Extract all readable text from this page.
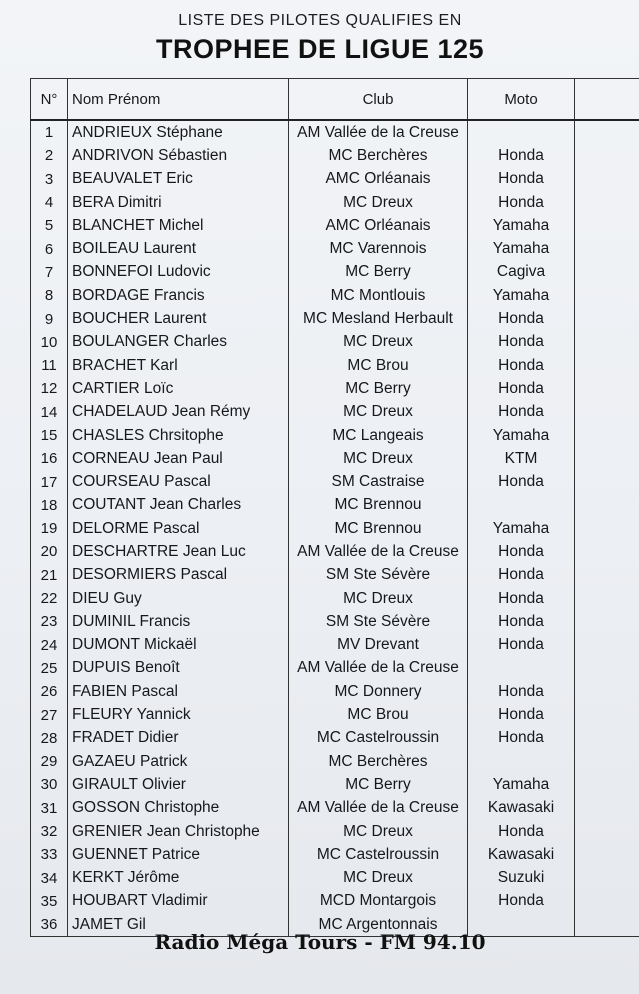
LISTE DES PILOTES QUALIFIES EN
TROPHEE DE LIGUE 125
N°	Nom Prénom	Club	Moto	
1	ANDRIEUX Stéphane	AM Vallée de la Creuse		
2	ANDRIVON Sébastien	MC Berchères	Honda	
3	BEAUVALET Eric	AMC Orléanais	Honda	
4	BERA Dimitri	MC Dreux	Honda	
5	BLANCHET Michel	AMC Orléanais	Yamaha	
6	BOILEAU Laurent	MC Varennois	Yamaha	
7	BONNEFOI Ludovic	MC Berry	Cagiva	
8	BORDAGE Francis	MC Montlouis	Yamaha	
9	BOUCHER Laurent	MC Mesland Herbault	Honda	
10	BOULANGER Charles	MC Dreux	Honda	
11	BRACHET Karl	MC Brou	Honda	
12	CARTIER Loïc	MC Berry	Honda	
14	CHADELAUD Jean Rémy	MC Dreux	Honda	
15	CHASLES Chrsitophe	MC Langeais	Yamaha	
16	CORNEAU Jean Paul	MC Dreux	KTM	
17	COURSEAU Pascal	SM Castraise	Honda	
18	COUTANT Jean Charles	MC Brennou		
19	DELORME Pascal	MC Brennou	Yamaha	
20	DESCHARTRE Jean Luc	AM Vallée de la Creuse	Honda	
21	DESORMIERS Pascal	SM Ste Sévère	Honda	
22	DIEU Guy	MC Dreux	Honda	
23	DUMINIL Francis	SM Ste Sévère	Honda	
24	DUMONT Mickaël	MV Drevant	Honda	
25	DUPUIS Benoît	AM Vallée de la Creuse		
26	FABIEN Pascal	MC Donnery	Honda	
27	FLEURY Yannick	MC Brou	Honda	
28	FRADET Didier	MC Castelroussin	Honda	
29	GAZAEU Patrick	MC Berchères		
30	GIRAULT Olivier	MC Berry	Yamaha	
31	GOSSON Christophe	AM Vallée de la Creuse	Kawasaki	
32	GRENIER Jean Christophe	MC Dreux	Honda	
33	GUENNET Patrice	MC Castelroussin	Kawasaki	
34	KERKT Jérôme	MC Dreux	Suzuki	
35	HOUBART Vladimir	MCD Montargois	Honda	
36	JAMET Gil	MC Argentonnais		
Radio Méga Tours - FM 94.10
